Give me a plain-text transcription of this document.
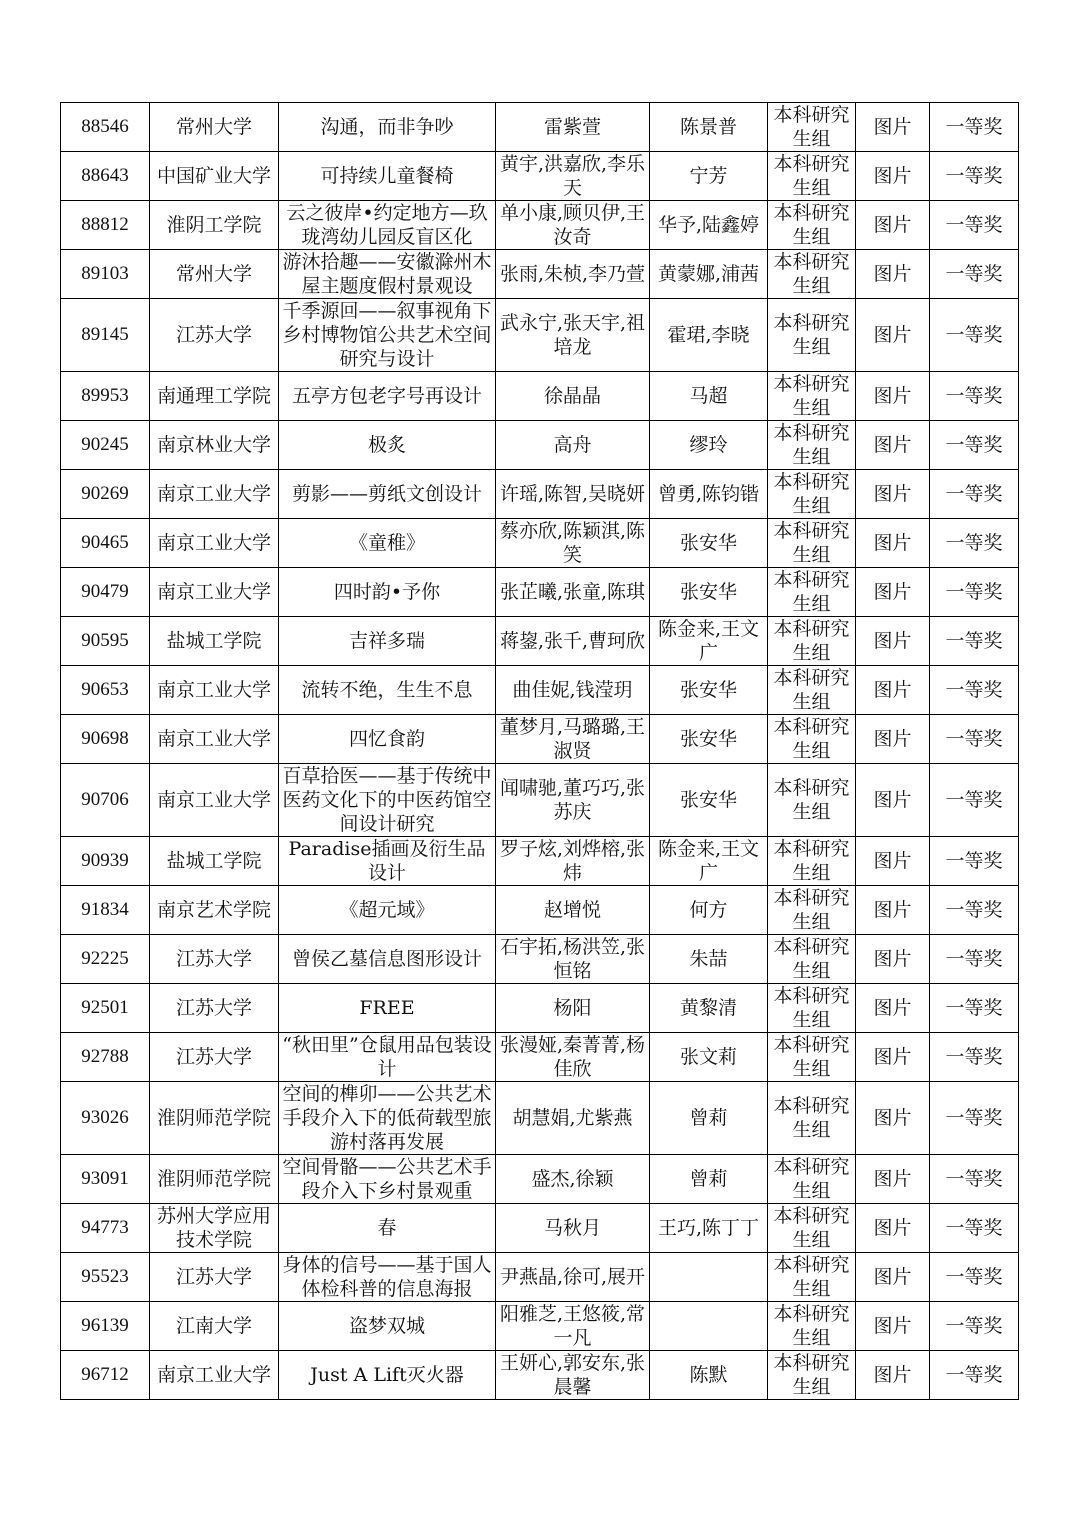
88546	常州大学	沟通，而非争吵	雷紫萱	陈景普	本科研究生组	图片	一等奖
88643	中国矿业大学	可持续儿童餐椅	黄宇,洪嘉欣,李乐天	宁芳	本科研究生组	图片	一等奖
88812	淮阴工学院	云之彼岸•约定地方—玖珑湾幼儿园反盲区化	单小康,顾贝伊,王汝奇	华予,陆鑫婷	本科研究生组	图片	一等奖
89103	常州大学	游沐拾趣——安徽滁州木屋主题度假村景观设	张雨,朱桢,李乃萱	黄蒙娜,浦茜	本科研究生组	图片	一等奖
89145	江苏大学	千季源回——叙事视角下乡村博物馆公共艺术空间研究与设计	武永宁,张天宇,祖培龙	霍珺,李晓	本科研究生组	图片	一等奖
89953	南通理工学院	五亭方包老字号再设计	徐晶晶	马超	本科研究生组	图片	一等奖
90245	南京林业大学	极炙	高舟	缪玲	本科研究生组	图片	一等奖
90269	南京工业大学	剪影——剪纸文创设计	许瑶,陈智,吴晓妍	曾勇,陈钧锴	本科研究生组	图片	一等奖
90465	南京工业大学	《童稚》	蔡亦欣,陈颖淇,陈笑	张安华	本科研究生组	图片	一等奖
90479	南京工业大学	四时韵•予你	张芷曦,张童,陈琪	张安华	本科研究生组	图片	一等奖
90595	盐城工学院	吉祥多瑞	蒋鋆,张千,曹珂欣	陈金来,王文广	本科研究生组	图片	一等奖
90653	南京工业大学	流转不绝，生生不息	曲佳妮,钱滢玥	张安华	本科研究生组	图片	一等奖
90698	南京工业大学	四忆食韵	董梦月,马璐璐,王淑贤	张安华	本科研究生组	图片	一等奖
90706	南京工业大学	百草拾医——基于传统中医药文化下的中医药馆空间设计研究	闻啸驰,董巧巧,张苏庆	张安华	本科研究生组	图片	一等奖
90939	盐城工学院	Paradise插画及衍生品设计	罗子炫,刘烨榕,张炜	陈金来,王文广	本科研究生组	图片	一等奖
91834	南京艺术学院	《超元域》	赵增悦	何方	本科研究生组	图片	一等奖
92225	江苏大学	曾侯乙墓信息图形设计	石宇拓,杨洪笠,张恒铭	朱喆	本科研究生组	图片	一等奖
92501	江苏大学	FREE	杨阳	黄黎清	本科研究生组	图片	一等奖
92788	江苏大学	“秋田里”仓鼠用品包装设计	张漫娅,秦菁菁,杨佳欣	张文莉	本科研究生组	图片	一等奖
93026	淮阴师范学院	空间的榫卯——公共艺术手段介入下的低荷载型旅游村落再发展	胡慧娟,尤紫燕	曾莉	本科研究生组	图片	一等奖
93091	淮阴师范学院	空间骨骼——公共艺术手段介入下乡村景观重	盛杰,徐颖	曾莉	本科研究生组	图片	一等奖
94773	苏州大学应用技术学院	春	马秋月	王巧,陈丁丁	本科研究生组	图片	一等奖
95523	江苏大学	身体的信号——基于国人体检科普的信息海报	尹燕晶,徐可,展开		本科研究生组	图片	一等奖
96139	江南大学	盗梦双城	阳雅芝,王悠筱,常一凡		本科研究生组	图片	一等奖
96712	南京工业大学	Just A Lift灭火器	王妍心,郭安东,张晨馨	陈默	本科研究生组	图片	一等奖
